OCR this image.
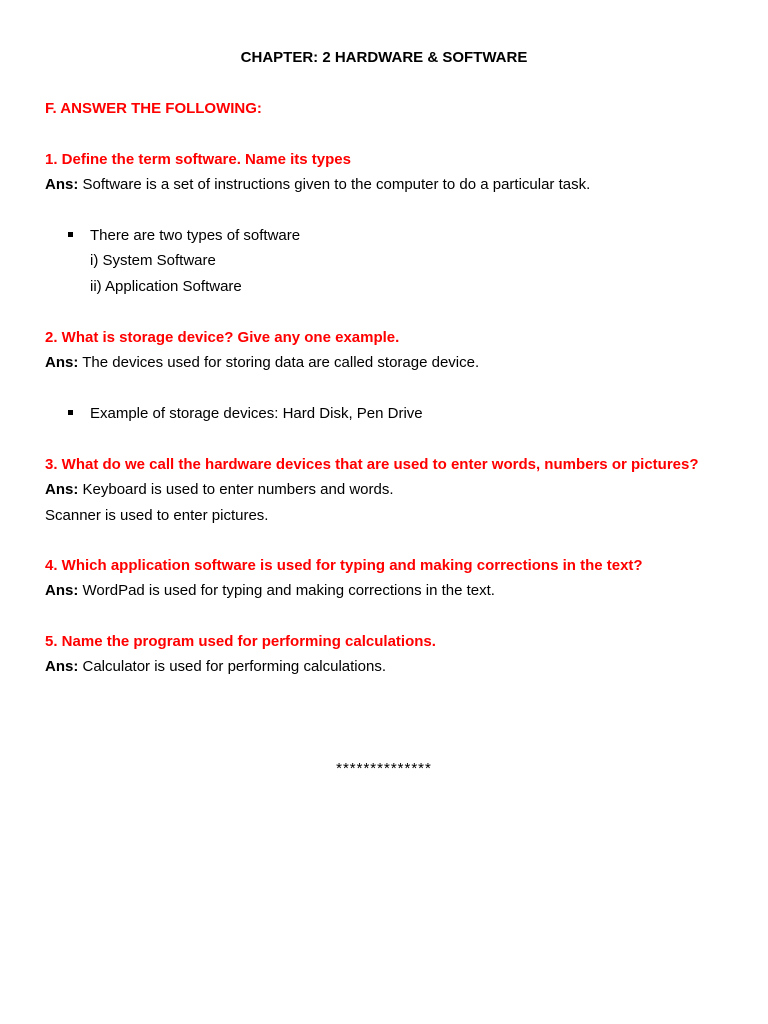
CHAPTER: 2 HARDWARE & SOFTWARE
F. ANSWER THE FOLLOWING:
1. Define the term software. Name its types
Ans: Software is a set of instructions given to the computer to do a particular task.
There are two types of software
i) System Software
ii) Application Software
2. What is storage device? Give any one example.
Ans: The devices used for storing data are called storage device.
Example of storage devices: Hard Disk, Pen Drive
3. What do we call the hardware devices that are used to enter words, numbers or pictures?
Ans: Keyboard is used to enter numbers and words.
Scanner is used to enter pictures.
4. Which application software is used for typing and making corrections in the text?
Ans: WordPad is used for typing and making corrections in the text.
5. Name the program used for performing calculations.
Ans: Calculator is used for performing calculations.
**************
